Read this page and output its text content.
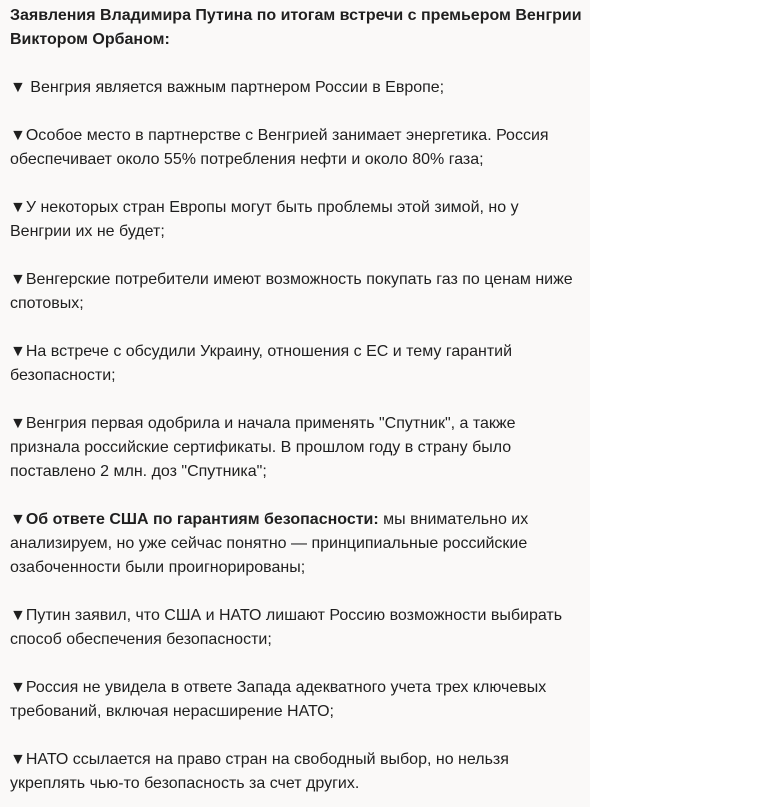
Заявления Владимира Путина по итогам встречи с премьером Венгрии Виктором Орбаном:
▼ Венгрия является важным партнером России в Европе;
▼Особое место в партнерстве с Венгрией занимает энергетика. Россия обеспечивает около 55% потребления нефти и около 80% газа;
▼У некоторых стран Европы могут быть проблемы этой зимой, но у Венгрии их не будет;
▼Венгерские потребители имеют возможность покупать газ по ценам ниже спотовых;
▼На встрече с обсудили Украину, отношения с ЕС и тему гарантий безопасности;
▼Венгрия первая одобрила и начала применять "Спутник", а также признала российские сертификаты. В прошлом году в страну было поставлено 2 млн. доз "Спутника";
▼Об ответе США по гарантиям безопасности: мы внимательно их анализируем, но уже сейчас понятно — принципиальные российские озабоченности были проигнорированы;
▼Путин заявил, что США и НАТО лишают Россию возможности выбирать способ обеспечения безопасности;
▼Россия не увидела в ответе Запада адекватного учета трех ключевых требований, включая нерасширение НАТО;
▼НАТО ссылается на право стран на свободный выбор, но нельзя укреплять чью-то безопасность за счет других.
